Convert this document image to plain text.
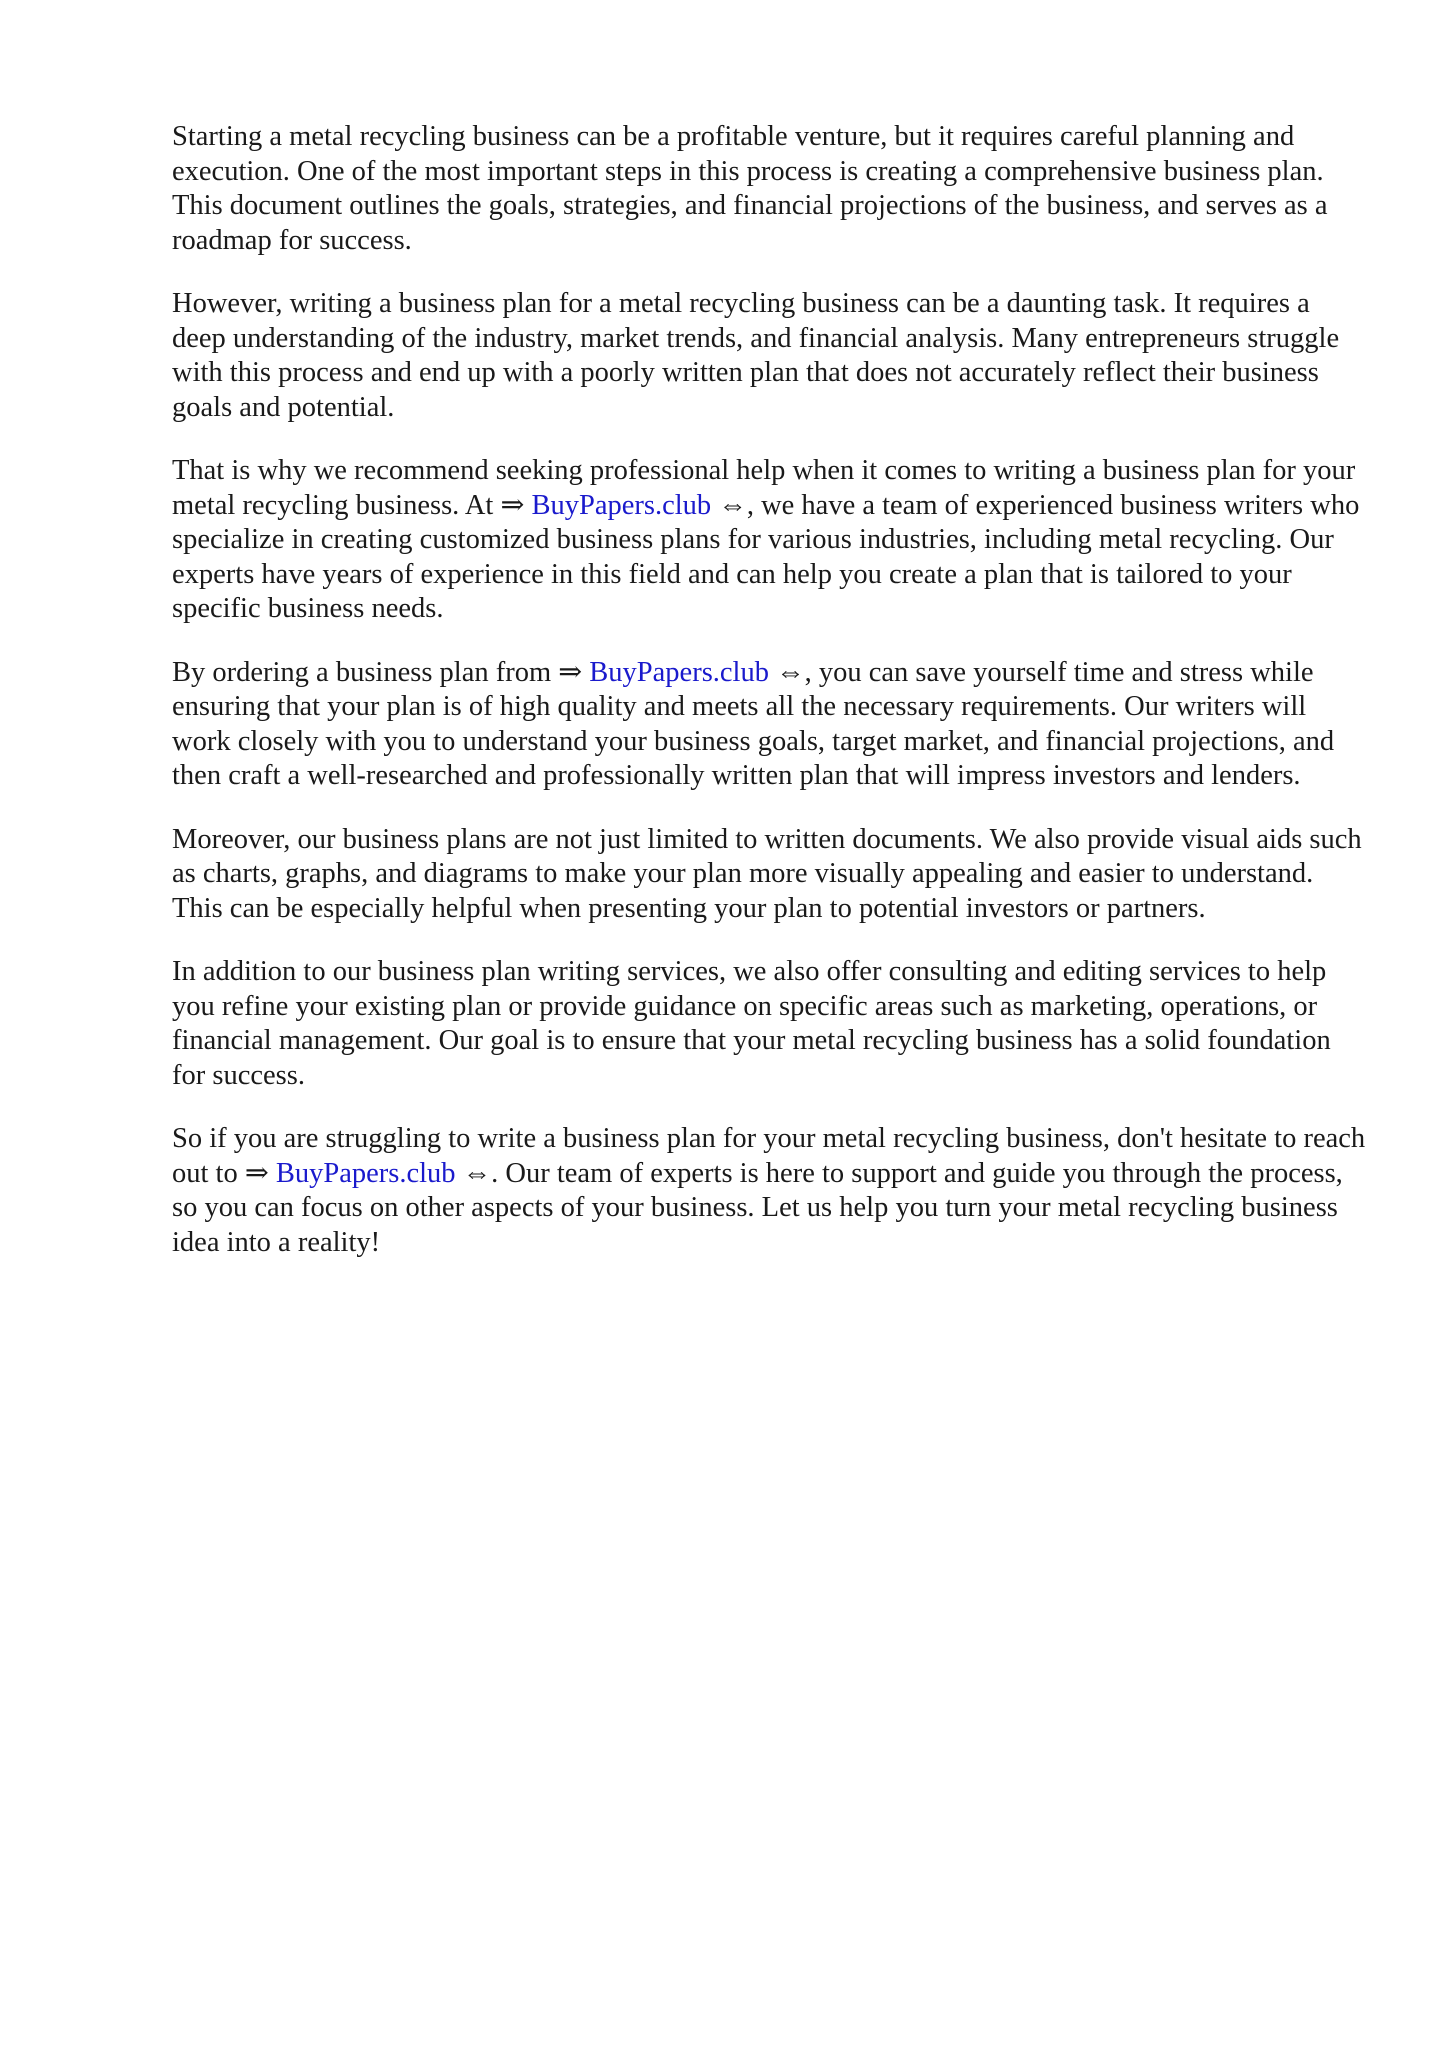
Starting a metal recycling business can be a profitable venture, but it requires careful planning and execution. One of the most important steps in this process is creating a comprehensive business plan. This document outlines the goals, strategies, and financial projections of the business, and serves as a roadmap for success.

However, writing a business plan for a metal recycling business can be a daunting task. It requires a deep understanding of the industry, market trends, and financial analysis. Many entrepreneurs struggle with this process and end up with a poorly written plan that does not accurately reflect their business goals and potential.

That is why we recommend seeking professional help when it comes to writing a business plan for your metal recycling business. At ⇒ BuyPapers.club ⇔, we have a team of experienced business writers who specialize in creating customized business plans for various industries, including metal recycling. Our experts have years of experience in this field and can help you create a plan that is tailored to your specific business needs.

By ordering a business plan from ⇒ BuyPapers.club ⇔, you can save yourself time and stress while ensuring that your plan is of high quality and meets all the necessary requirements. Our writers will work closely with you to understand your business goals, target market, and financial projections, and then craft a well-researched and professionally written plan that will impress investors and lenders.

Moreover, our business plans are not just limited to written documents. We also provide visual aids such as charts, graphs, and diagrams to make your plan more visually appealing and easier to understand. This can be especially helpful when presenting your plan to potential investors or partners.

In addition to our business plan writing services, we also offer consulting and editing services to help you refine your existing plan or provide guidance on specific areas such as marketing, operations, or financial management. Our goal is to ensure that your metal recycling business has a solid foundation for success.

So if you are struggling to write a business plan for your metal recycling business, don't hesitate to reach out to ⇒ BuyPapers.club ⇔. Our team of experts is here to support and guide you through the process, so you can focus on other aspects of your business. Let us help you turn your metal recycling business idea into a reality!
